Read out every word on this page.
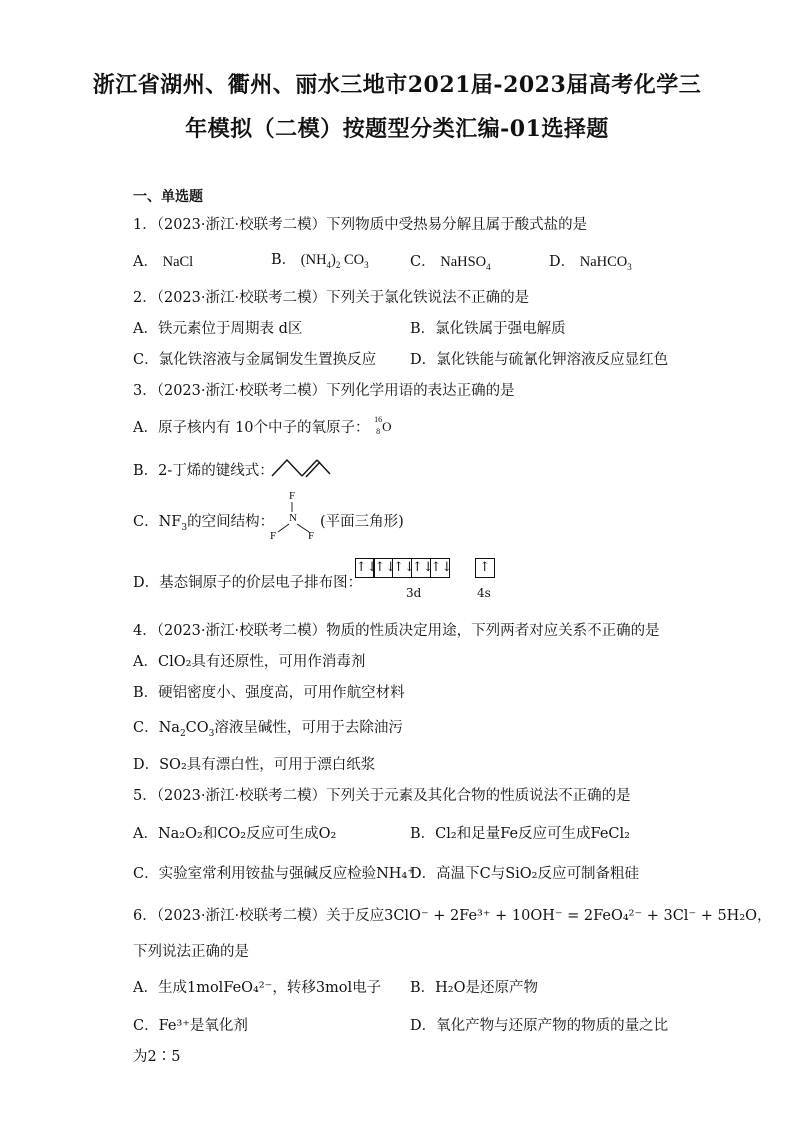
浙江省湖州、衢州、丽水三地市2021届-2023届高考化学三
年模拟（二模）按题型分类汇编-01选择题
一、单选题
1．（2023·浙江·校联考二模）下列物质中受热易分解且属于酸式盐的是
A． NaCl	B． $(NH_4)_2$ $CO_3$	C． NaHSO$_4$	D． NaHCO$_3$
2．（2023·浙江·校联考二模）下列关于氯化铁说法不正确的是
A．铁元素位于周期表 d区	B．氯化铁属于强电解质
C．氯化铁溶液与金属铜发生置换反应 D．氯化铁能与硫氰化钾溶液反应显红色
3．（2023·浙江·校联考二模）下列化学用语的表达正确的是
A．原子核内有 10个中子的氧原子：
16
8 O
B．2-丁烯的键线式：
C．$NF_3$的空间结构：
F
N
F	F
(平面三角形)
D．基态铜原子的价层电子排布图：
↑↓
↑↓
↑↓
↑↓
↑↓	↑
3d	4s
4．（2023·浙江·校联考二模）物质的性质决定用途，下列两者对应关系不正确的是
A．ClO₂具有还原性，可用作消毒剂
B．硬铝密度小、强度高，可用作航空材料
C．$Na_2CO_3$溶液呈碱性，可用于去除油污
D．SO₂具有漂白性，可用于漂白纸浆
5．（2023·浙江·校联考二模）下列关于元素及其化合物的性质说法不正确的是
A．Na₂O₂和CO₂反应可生成O₂	B．Cl₂和足量Fe反应可生成FeCl₂
C．实验室常利用铵盐与强碱反应检验NH₄⁺
D．高温下C与SiO₂反应可制备粗硅
6．（2023·浙江·校联考二模）关于反应3ClO⁻ + 2Fe³⁺ + 10OH⁻ = 2FeO₄²⁻ + 3Cl⁻ + 5H₂O，
下列说法正确的是
A．生成1molFeO₄²⁻，转移3mol电子 B．H₂O是还原产物
C．Fe³⁺是氧化剂	D．氧化产物与还原产物的物质的量之比
为2∶5
